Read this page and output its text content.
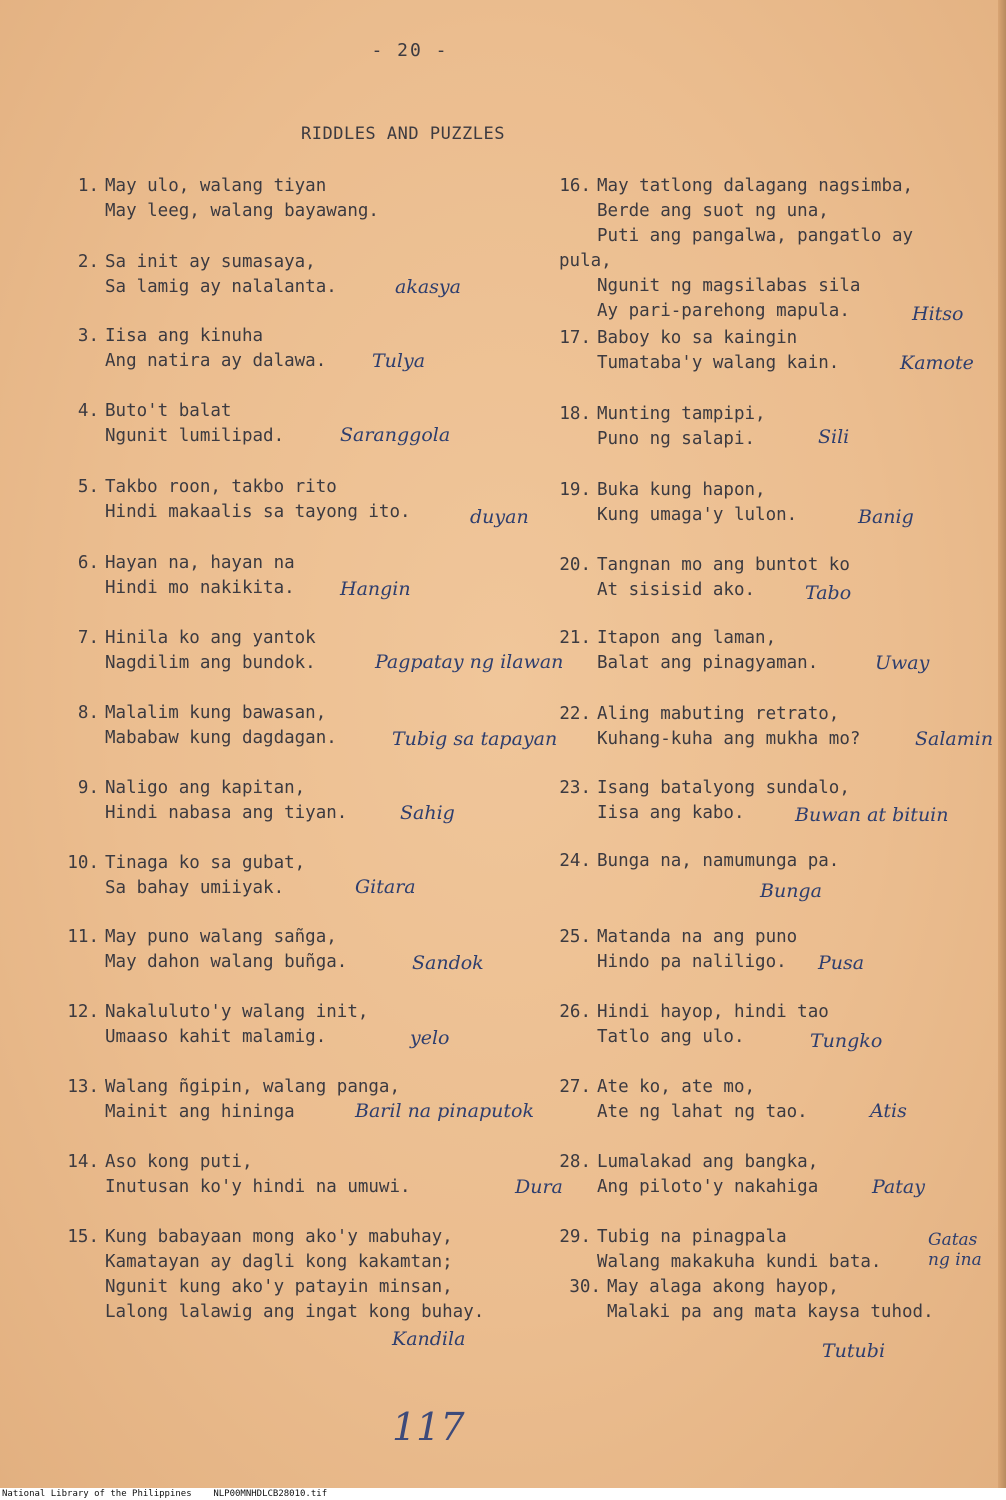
- 20 -
RIDDLES AND PUZZLES
1. May ulo, walang tiyan
May leeg, walang bayawang.
2. Sa init ay sumasaya,
Sa lamig ay nalalanta.	akasya
3. Iisa ang kinuha
Ang natira ay dalawa. Tulya
4. Buto't balat
Ngunit lumilipad.	Saranggola
5. Takbo roon, takbo rito
Hindi makaalis sa tayong ito.	duyan
6. Hayan na, hayan na
Hindi mo nakikita. Hangin
7. Hinila ko ang yantok
Nagdilim ang bundok.	Pagpatay ng ilawan
8. Malalim kung bawasan,
Mababaw kung dagdagan.	Tubig sa tapayan
9. Naligo ang kapitan,
Hindi nabasa ang tiyan.	Sahig
10. Tinaga ko sa gubat,
Sa bahay umiiyak.	Gitara
11. May puno walang sañga,
May dahon walang buñga.	Sandok
12. Nakaluluto'y walang init,
Umaaso kahit malamig.	yelo
13. Walang ñgipin, walang panga,
Mainit ang hininga	Baril na pinaputok
14. Aso kong puti,
Inutusan ko'y hindi na umuwi.	Dura
15. Kung babayaan mong ako'y mabuhay,
Kamatayan ay dagli kong kakamtan;
Ngunit kung ako'y patayin minsan,
Lalong lalawig ang ingat kong buhay.
Kandila
16. May tatlong dalagang nagsimba,
Berde ang suot ng una,
Puti ang pangalwa, pangatlo ay
pula,
Ngunit ng magsilabas sila
Ay pari-parehong mapula.	Hitso
17. Baboy ko sa kaingin
Tumataba'y walang kain.	Kamote
18. Munting tampipi,
Puno ng salapi.	Sili
19. Buka kung hapon,
Kung umaga'y lulon.	Banig
20. Tangnan mo ang buntot ko
At sisisid ako.	Tabo
21. Itapon ang laman,
Balat ang pinagyaman.	Uway
22. Aling mabuting retrato,
Kuhang-kuha ang mukha mo?	Salamin
23. Isang batalyong sundalo,
Iisa ang kabo.	Buwan at bituin
24. Bunga na, namumunga pa.
Bunga
25. Matanda na ang puno
Hindo pa naliligo.	Pusa
26. Hindi hayop, hindi tao
Tatlo ang ulo.	Tungko
27. Ate ko, ate mo,
Ate ng lahat ng tao.	Atis
28. Lumalakad ang bangka,
Ang piloto'y nakahiga	Patay
29. Tubig na pinagpala
Walang makakuha kundi bata.
Gatas ng ina
30. May alaga akong hayop,
Malaki pa ang mata kaysa tuhod.
Tutubi
117
National Library of the Philippines    NLP00MNHDLCB28010.tif
